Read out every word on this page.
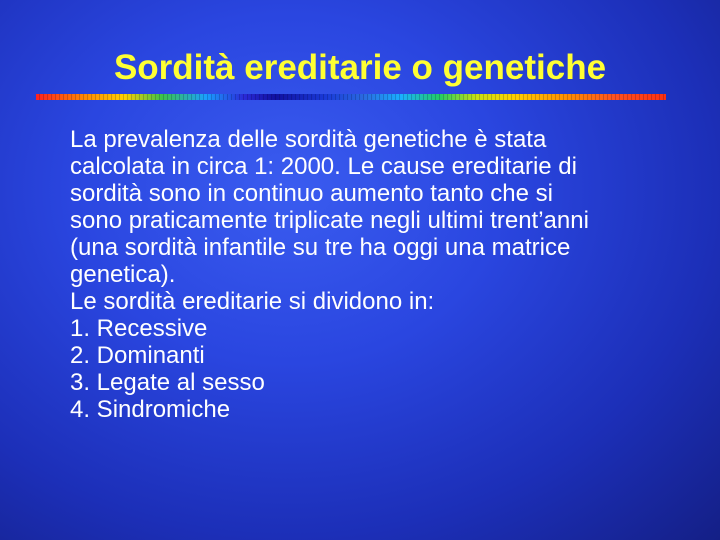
Sordità ereditarie o genetiche

La prevalenza delle sordità genetiche è stata

calcolata in circa 1: 2000. Le cause ereditarie di

sordità sono in continuo aumento tanto che si

sono praticamente triplicate negli ultimi trent’anni

(una sordità infantile su tre ha oggi una matrice

genetica).

Le sordità ereditarie si dividono in:

1. Recessive
2. Dominanti
3. Legate al sesso
4. Sindromiche
